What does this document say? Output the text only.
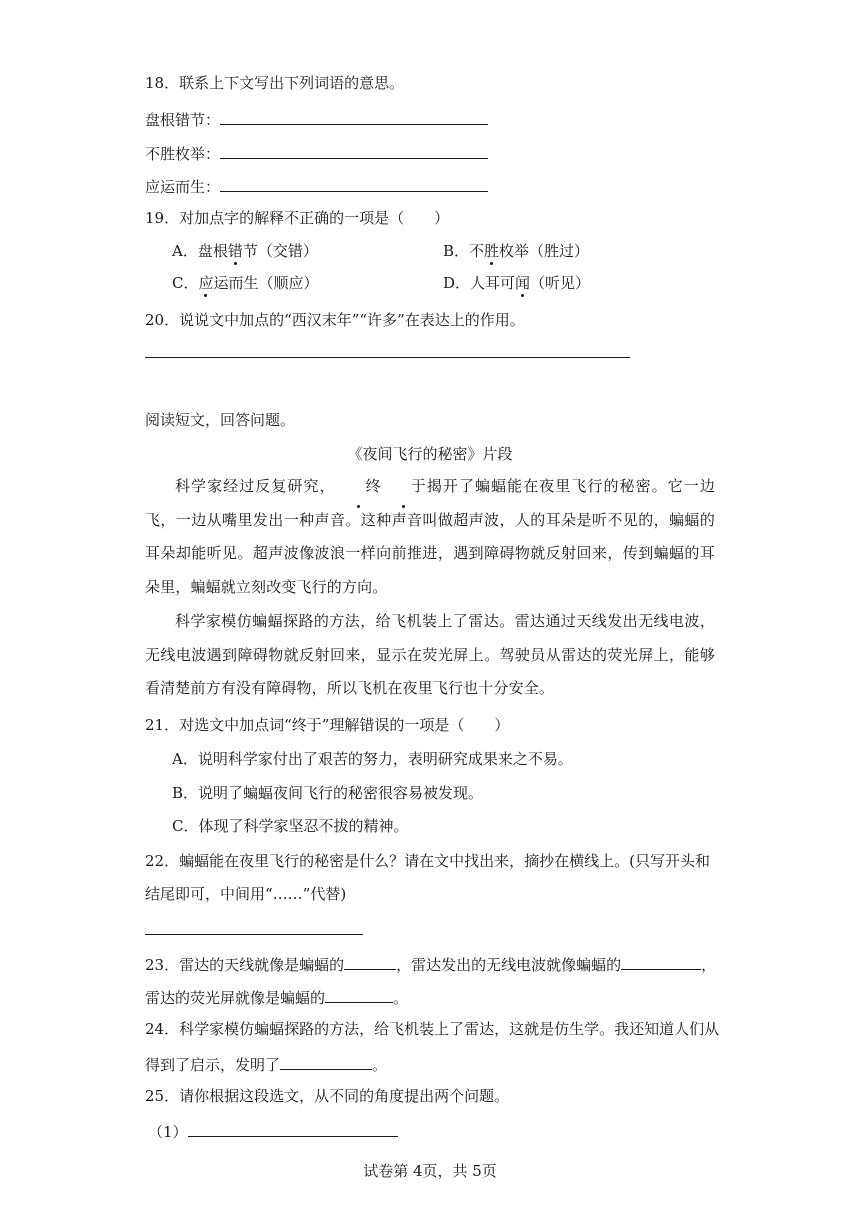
18．联系上下文写出下列词语的意思。
盘根错节：
不胜枚举：
应运而生：
19．对加点字的解释不正确的一项是（　　）
A．盘根错节（交错）	B．不胜枚举（胜过）
C．应运而生（顺应）	D．人耳可闻（听见）
20．说说文中加点的“西汉末年”“许多”在表达上的作用。
阅读短文，回答问题。
《夜间飞行的秘密》片段
科学家经过反复研究， 终 于揭开了蝙蝠能在夜里飞行的秘密。它一边飞，一边从嘴里发出一种声音。这种声音叫做超声波，人的耳朵是听不见的，蝙蝠的耳朵却能听见。超声波像波浪一样向前推进，遇到障碍物就反射回来，传到蝙蝠的耳朵里，蝙蝠就立刻改变飞行的方向。
科学家模仿蝙蝠探路的方法，给飞机装上了雷达。雷达通过天线发出无线电波，无线电波遇到障碍物就反射回来，显示在荧光屏上。驾驶员从雷达的荧光屏上，能够看清楚前方有没有障碍物，所以飞机在夜里飞行也十分安全。
21．对选文中加点词“终于”理解错误的一项是（　　）
A．说明科学家付出了艰苦的努力，表明研究成果来之不易。
B．说明了蝙蝠夜间飞行的秘密很容易被发现。
C．体现了科学家坚忍不拔的精神。
22．蝙蝠能在夜里飞行的秘密是什么？请在文中找出来，摘抄在横线上。(只写开头和
结尾即可，中间用“……”代替)
23．雷达的天线就像是蝙蝠的	，雷达发出的无线电波就像蝙蝠的	，
雷达的荧光屏就像是蝙蝠的	。
24．科学家模仿蝙蝠探路的方法，给飞机装上了雷达，这就是仿生学。我还知道人们从
得到了启示，发明了	。
25．请你根据这段选文，从不同的角度提出两个问题。
（1）
试卷第 4页，共 5页
